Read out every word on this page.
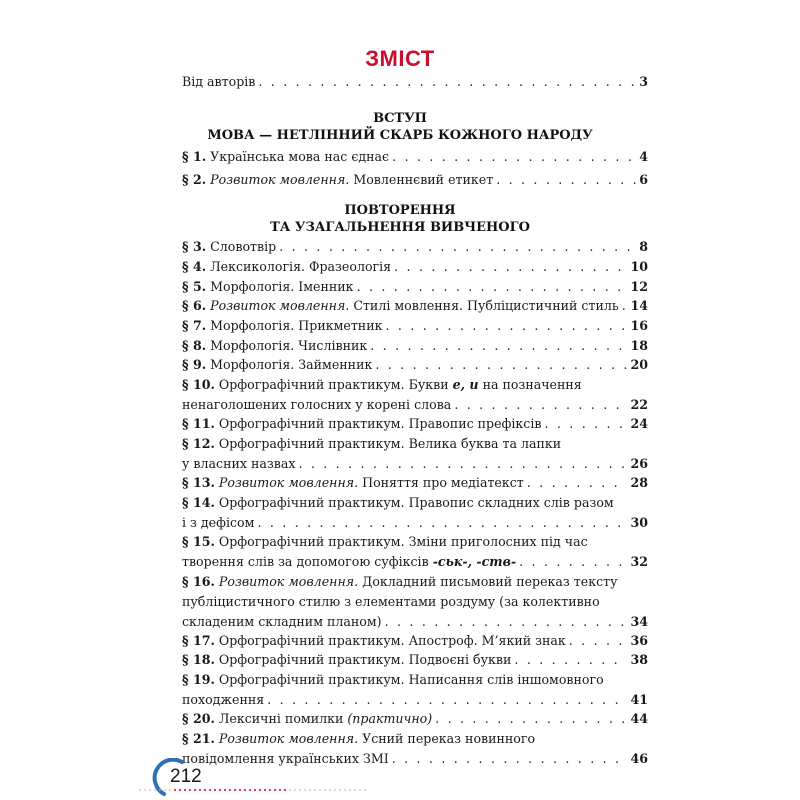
ЗМІСТ
Від авторів . . .	3
ВСТУП
МОВА — НЕТЛІННИЙ СКАРБ КОЖНОГО НАРОДУ
§ 1. Українська мова нас єднає . . .	4
§ 2. Розвиток мовлення. Мовленнєвий етикет . . .	6
ПОВТОРЕННЯ
ТА УЗАГАЛЬНЕННЯ ВИВЧЕНОГО
§ 3. Словотвір . . .	8
§ 4. Лексикологія. Фразеологія . . .	10
§ 5. Морфологія. Іменник . . .	12
§ 6. Розвиток мовлення. Стилі мовлення. Публіцистичний стиль . . . 14
§ 7. Морфологія. Прикметник . . .	16
§ 8. Морфологія. Числівник . . .	18
§ 9. Морфологія. Займенник . . .	20
§ 10. Орфографічний практикум. Букви е, и на позначення
ненаголошених голосних у корені слова . . .	22
§ 11. Орфографічний практикум. Правопис префіксів . . .	24
§ 12. Орфографічний практикум. Велика буква та лапки
у власних назвах . . .	26
§ 13. Розвиток мовлення. Поняття про медіатекст . . .	28
§ 14. Орфографічний практикум. Правопис складних слів разом
і з дефісом . . .	30
§ 15. Орфографічний практикум. Зміни приголосних під час
творення слів за допомогою суфіксів -ськ-, -ств- . . .	32
§ 16. Розвиток мовлення. Докладний письмовий переказ тексту
публіцистичного стилю з елементами роздуму (за колективно
складеним складним планом) . . .	34
§ 17. Орфографічний практикум. Апостроф. М’який знак . . .	36
§ 18. Орфографічний практикум. Подвоєні букви . . .	38
§ 19. Орфографічний практикум. Написання слів іншомовного
походження . . .	41
§ 20. Лексичні помилки (практично) . . .	44
§ 21. Розвиток мовлення. Усний переказ новинного
повідомлення українських ЗМІ . . .	46
212
